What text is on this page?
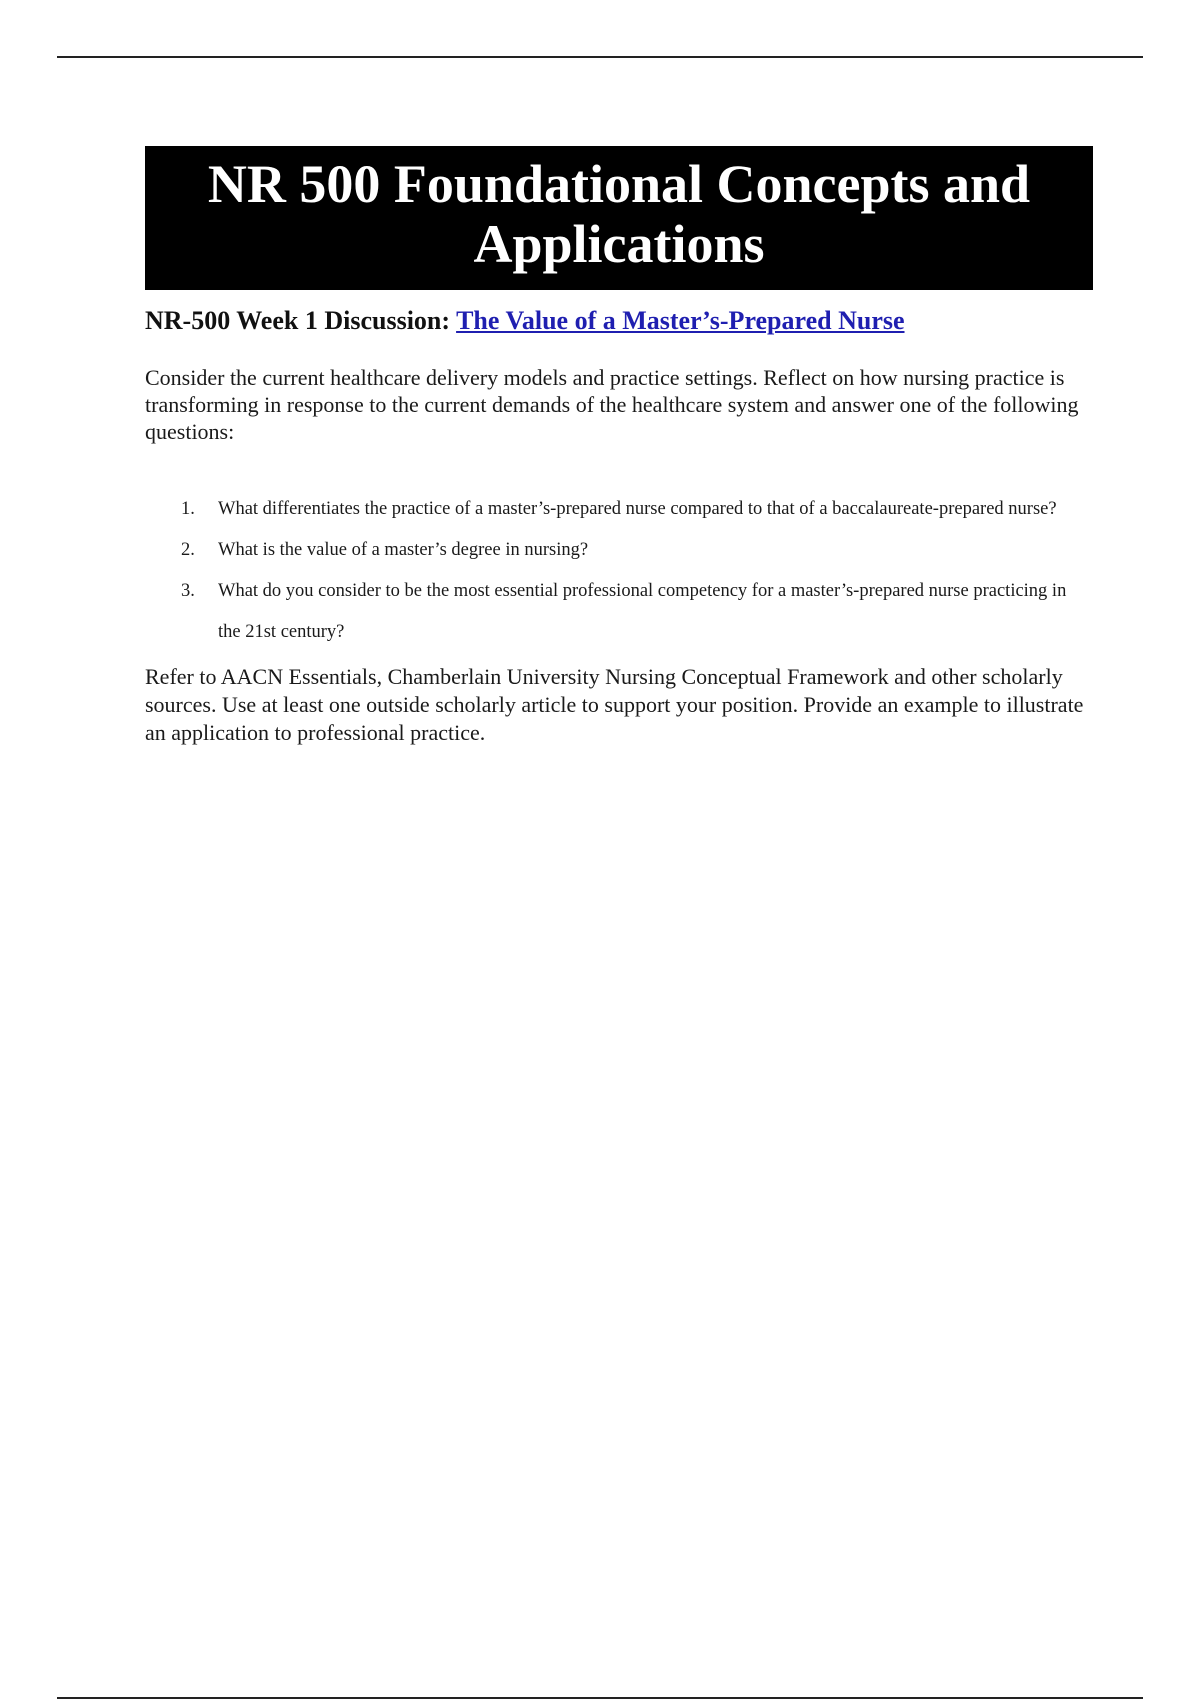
NR 500 Foundational Concepts and Applications
NR-500 Week 1 Discussion: The Value of a Master’s-Prepared Nurse

Consider the current healthcare delivery models and practice settings. Reflect on how nursing practice is transforming in response to the current demands of the healthcare system and answer one of the following questions:

1. What differentiates the practice of a master’s-prepared nurse compared to that of a baccalaureate-prepared nurse?
2. What is the value of a master’s degree in nursing?
3. What do you consider to be the most essential professional competency for a master’s-prepared nurse practicing in the 21st century?

Refer to AACN Essentials, Chamberlain University Nursing Conceptual Framework and other scholarly sources. Use at least one outside scholarly article to support your position. Provide an example to illustrate an application to professional practice.
